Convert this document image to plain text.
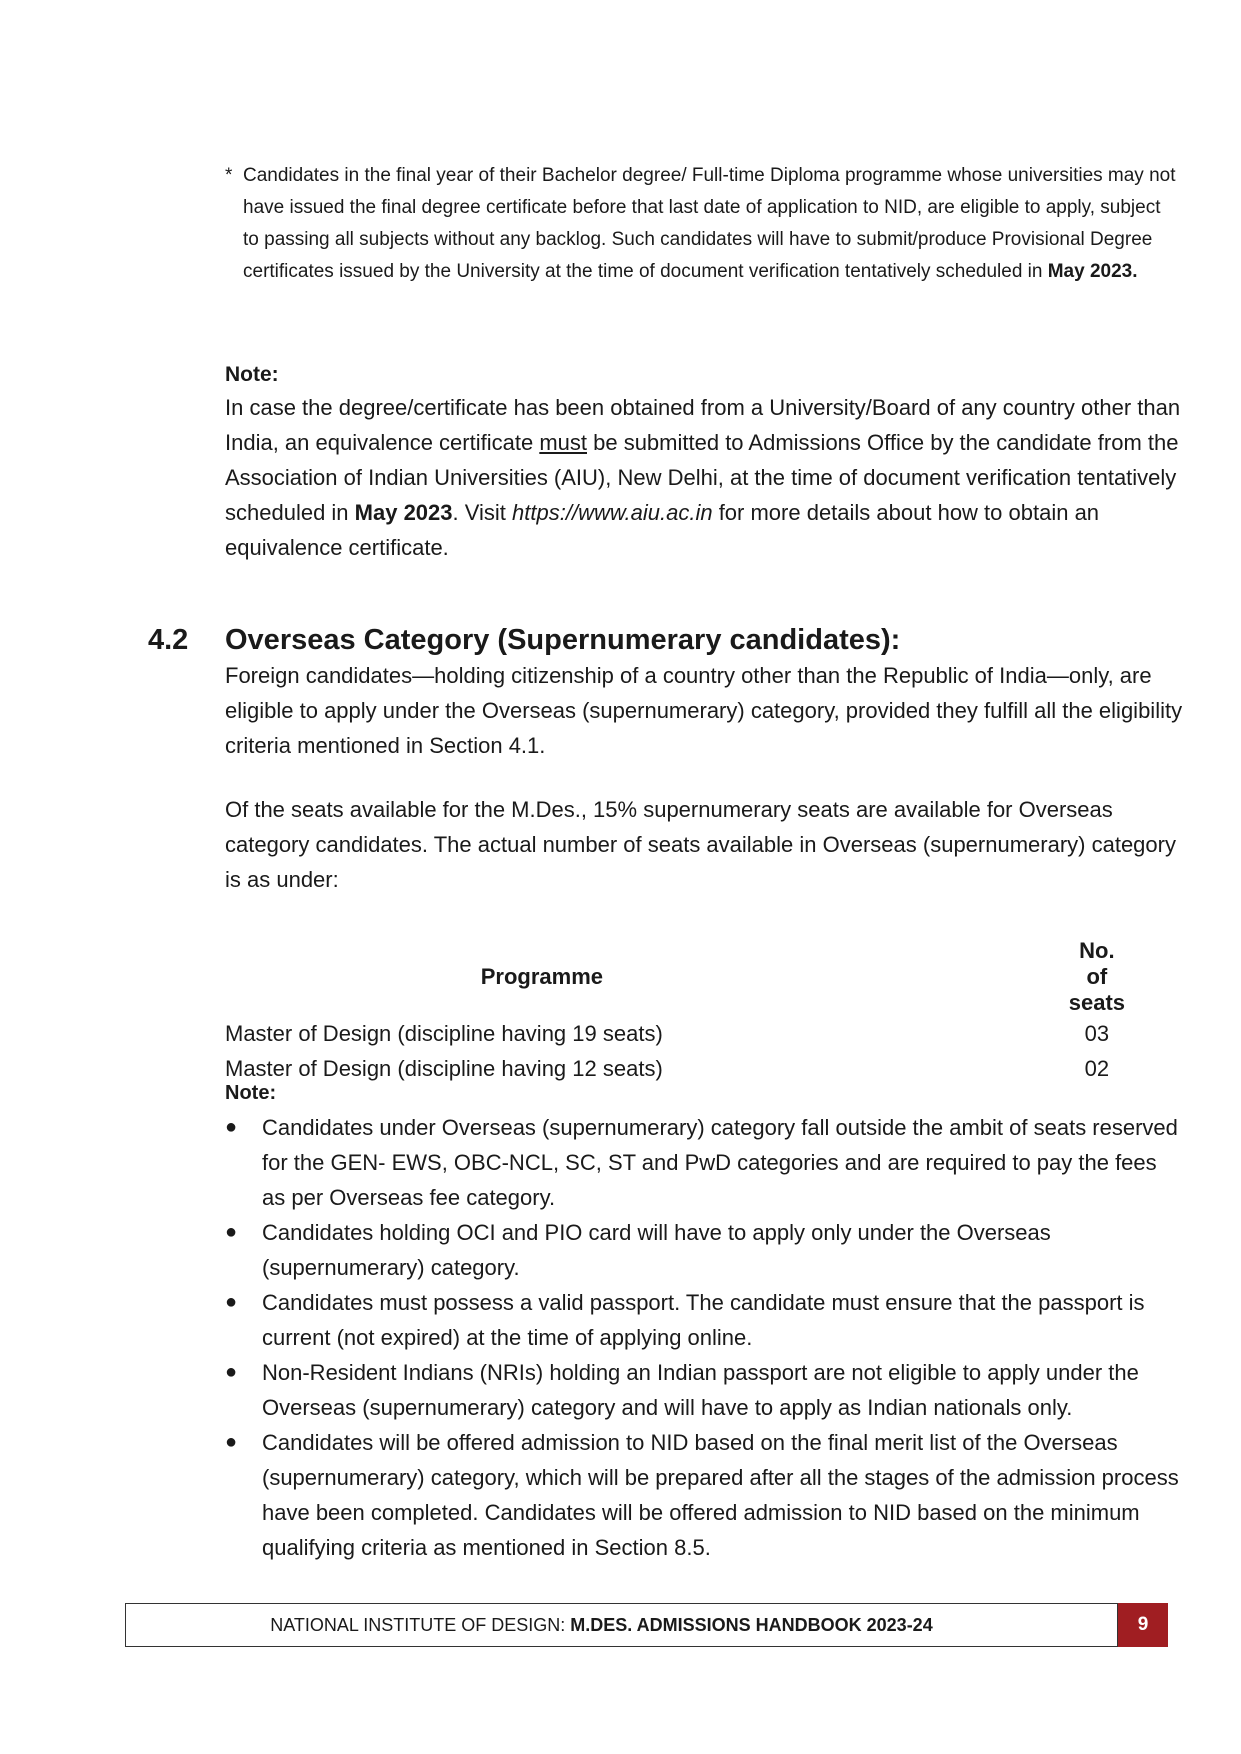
* Candidates in the final year of their Bachelor degree/ Full-time Diploma programme whose universities may not have issued the final degree certificate before that last date of application to NID, are eligible to apply, subject to passing all subjects without any backlog. Such candidates will have to submit/produce Provisional Degree certificates issued by the University at the time of document verification tentatively scheduled in May 2023.
Note:
In case the degree/certificate has been obtained from a University/Board of any country other than India, an equivalence certificate must be submitted to Admissions Office by the candidate from the Association of Indian Universities (AIU), New Delhi, at the time of document verification tentatively scheduled in May 2023. Visit https://www.aiu.ac.in for more details about how to obtain an equivalence certificate.
4.2	Overseas Category (Supernumerary candidates):
Foreign candidates—holding citizenship of a country other than the Republic of India—only, are eligible to apply under the Overseas (supernumerary) category, provided they fulfill all the eligibility criteria mentioned in Section 4.1.
Of the seats available for the M.Des., 15% supernumerary seats are available for Overseas category candidates. The actual number of seats available in Overseas (supernumerary) category is as under:
Programme	No. of seats
Master of Design (discipline having 19 seats)	03
Master of Design (discipline having 12 seats)	02
Note:
● Candidates under Overseas (supernumerary) category fall outside the ambit of seats reserved for the GEN- EWS, OBC-NCL, SC, ST and PwD categories and are required to pay the fees as per Overseas fee category.
● Candidates holding OCI and PIO card will have to apply only under the Overseas (supernumerary) category.
● Candidates must possess a valid passport. The candidate must ensure that the passport is current (not expired) at the time of applying online.
● Non-Resident Indians (NRIs) holding an Indian passport are not eligible to apply under the Overseas (supernumerary) category and will have to apply as Indian nationals only.
● Candidates will be offered admission to NID based on the final merit list of the Overseas (supernumerary) category, which will be prepared after all the stages of the admission process have been completed. Candidates will be offered admission to NID based on the minimum qualifying criteria as mentioned in Section 8.5.
NATIONAL INSTITUTE OF DESIGN: M.DES. ADMISSIONS HANDBOOK 2023-24	9
